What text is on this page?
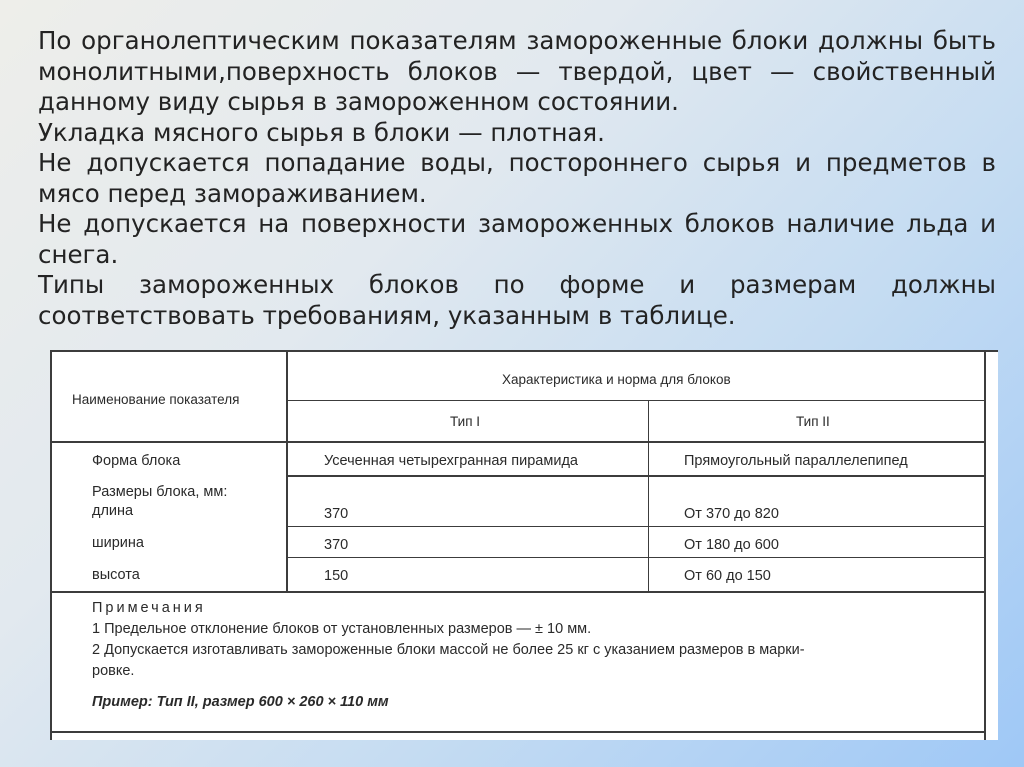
По органолептическим показателям замороженные блоки должны быть монолитными,поверхность блоков — твердой, цвет — свойственный данному виду сырья в замороженном состоянии.

Укладка мясного сырья в блоки — плотная.

Не допускается попадание воды, постороннего сырья и предметов в мясо перед замораживанием.

Не допускается на поверхности замороженных блоков наличие льда и снега.

Типы замороженных блоков по форме и размерам должны соответствовать требованиям, указанным в таблице.

Наименование показателя
Характеристика и норма для блоков
Тип I	Тип II
Форма блока	Усеченная четырехгранная пирамида	Прямоугольный параллелепипед
Размеры блока, мм:
длина	370	От 370 до 820
ширина	370	От 180 до 600
высота	150	От 60 до 150
Примечания
1 Предельное отклонение блоков от установленных размеров — ± 10 мм.
2 Допускается изготавливать замороженные блоки массой не более 25 кг с указанием размеров в марки-
ровке.
Пример: Тип II, размер 600 × 260 × 110 мм
